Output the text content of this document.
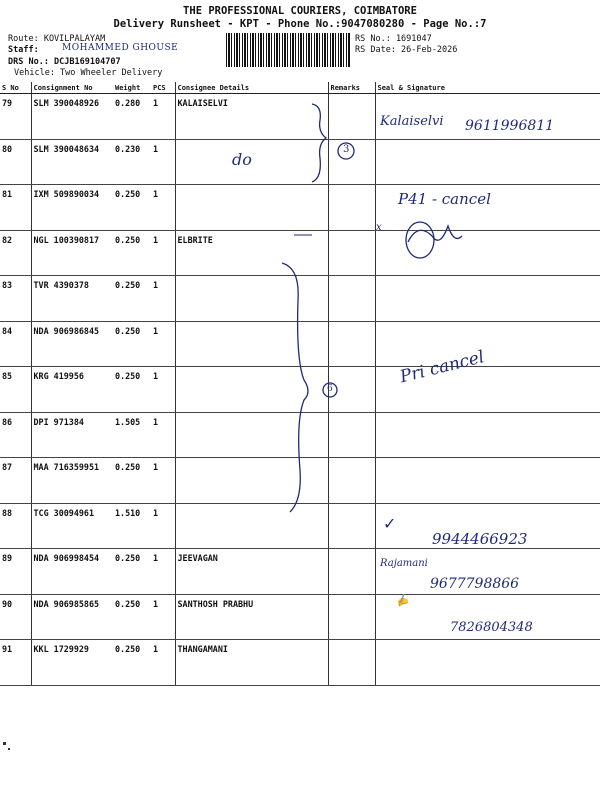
THE PROFESSIONAL COURIERS, COIMBATORE
Delivery Runsheet - KPT - Phone No.:9047080280 - Page No.:7
Route: KOVILPALAYAM
Staff:	MOHAMMED GHOUSE
DRS No.: DCJB169104707
Vehicle: Two Wheeler Delivery
RS No.: 1691047
RS Date: 26-Feb-2026
S No	Consignment No	Weight	PCS	Consignee Details	Remarks	Seal & Signature
79	SLM 390048926	0.280	1	KALAISELVI		
80	SLM 390048634	0.230	1			
81	IXM 509890034	0.250	1			
82	NGL 100390817	0.250	1	ELBRITE		
83	TVR 4390378	0.250	1			
84	NDA 906986845	0.250	1			
85	KRG 419956	0.250	1			
86	DPI 971384	1.505	1			
87	MAA 716359951	0.250	1			
88	TCG 30094961	1.510	1			
89	NDA 906998454	0.250	1	JEEVAGAN		
90	NDA 906985865	0.250	1	SANTHOSH PRABHU		
91	KKL 1729929	0.250	1	THANGAMANI		
Kalaiselvi 9611996811
do
3
P41 - cancel
x
6
Pri cancel
✓
9944466923
Rajamani
9677798866
✍
7826804348
